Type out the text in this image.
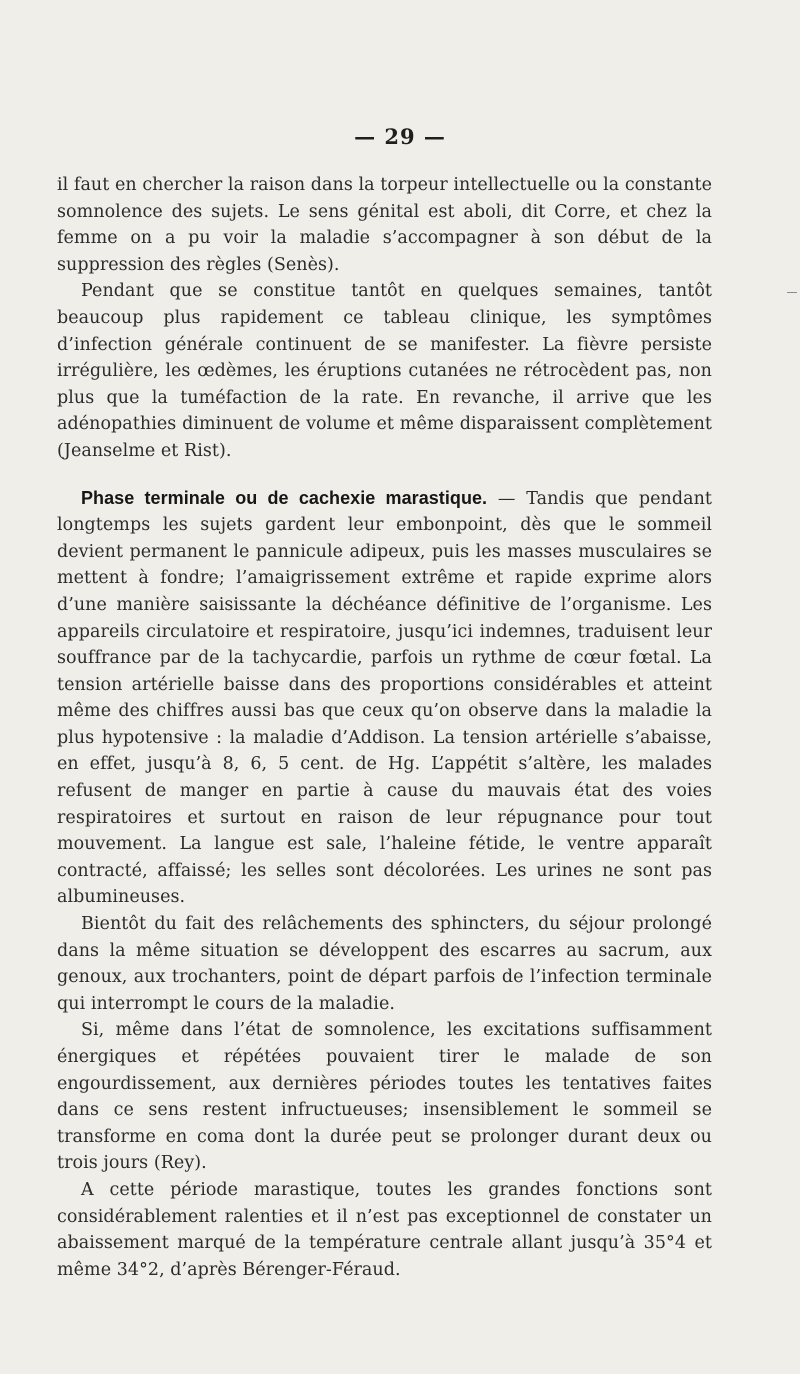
— 29 —

il faut en chercher la raison dans la torpeur intellectuelle ou la constante somnolence des sujets. Le sens génital est aboli, dit Corre, et chez la femme on a pu voir la maladie s’accompagner à son début de la suppression des règles (Senès).

Pendant que se constitue tantôt en quelques semaines, tantôt beaucoup plus rapidement ce tableau clinique, les symptômes d’infection générale continuent de se manifester. La fièvre persiste irrégulière, les œdèmes, les éruptions cutanées ne rétrocèdent pas, non plus que la tuméfaction de la rate. En revanche, il arrive que les adénopathies diminuent de volume et même disparaissent complètement (Jeanselme et Rist).

Phase terminale ou de cachexie marastique. — Tandis que pendant longtemps les sujets gardent leur embonpoint, dès que le sommeil devient permanent le pannicule adipeux, puis les masses musculaires se mettent à fondre; l’amaigrissement extrême et rapide exprime alors d’une manière saisissante la déchéance définitive de l’organisme. Les appareils circulatoire et respiratoire, jusqu’ici indemnes, traduisent leur souffrance par de la tachycardie, parfois un rythme de cœur fœtal. La tension artérielle baisse dans des proportions considérables et atteint même des chiffres aussi bas que ceux qu’on observe dans la maladie la plus hypotensive : la maladie d’Addison. La tension artérielle s’abaisse, en effet, jusqu’à 8, 6, 5 cent. de Hg. L’appétit s’altère, les malades refusent de manger en partie à cause du mauvais état des voies respiratoires et surtout en raison de leur répugnance pour tout mouvement. La langue est sale, l’haleine fétide, le ventre apparaît contracté, affaissé; les selles sont décolorées. Les urines ne sont pas albumineuses.

Bientôt du fait des relâchements des sphincters, du séjour prolongé dans la même situation se développent des escarres au sacrum, aux genoux, aux trochanters, point de départ parfois de l’infection terminale qui interrompt le cours de la maladie.

Si, même dans l’état de somnolence, les excitations suffisamment énergiques et répétées pouvaient tirer le malade de son engourdissement, aux dernières périodes toutes les tentatives faites dans ce sens restent infructueuses; insensiblement le sommeil se transforme en coma dont la durée peut se prolonger durant deux ou trois jours (Rey).

A cette période marastique, toutes les grandes fonctions sont considérablement ralenties et il n’est pas exceptionnel de constater un abaissement marqué de la température centrale allant jusqu’à 35°4 et même 34°2, d’après Bérenger-Féraud.
